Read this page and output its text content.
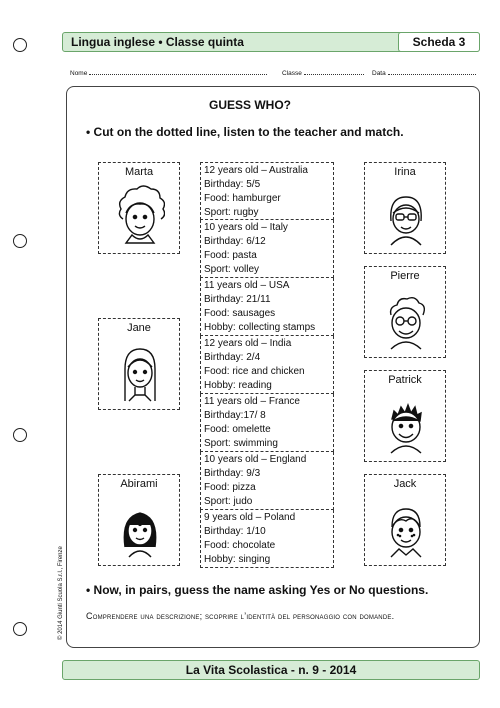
Lingua inglese • Classe quinta	Scheda 3
Nome	Classe	Data
GUESS WHO?
• Cut on the dotted line, listen to the teacher and match.
Marta
Jane
Abirami
12 years old – Australia
Birthday: 5/5
Food: hamburger
Sport: rugby
10 years old – Italy
Birthday: 6/12
Food: pasta
Sport: volley
11 years old – USA
Birthday: 21/11
Food: sausages
Hobby: collecting stamps
12 years old – India
Birthday: 2/4
Food: rice and chicken
Hobby: reading
11 years old – France
Birthday:17/ 8
Food: omelette
Sport: swimming
10 years old – England
Birthday: 9/3
Food: pizza
Sport: judo
9 years old – Poland
Birthday: 1/10
Food: chocolate
Hobby: singing
Irina
Pierre
Patrick
Jack
• Now, in pairs, guess the name asking Yes or No questions.
Comprendere una descrizione; scoprire l’identità del personaggio con domande.
© 2014 Giunti Scuola S.r.l., Firenze
La Vita Scolastica - n. 9 - 2014
